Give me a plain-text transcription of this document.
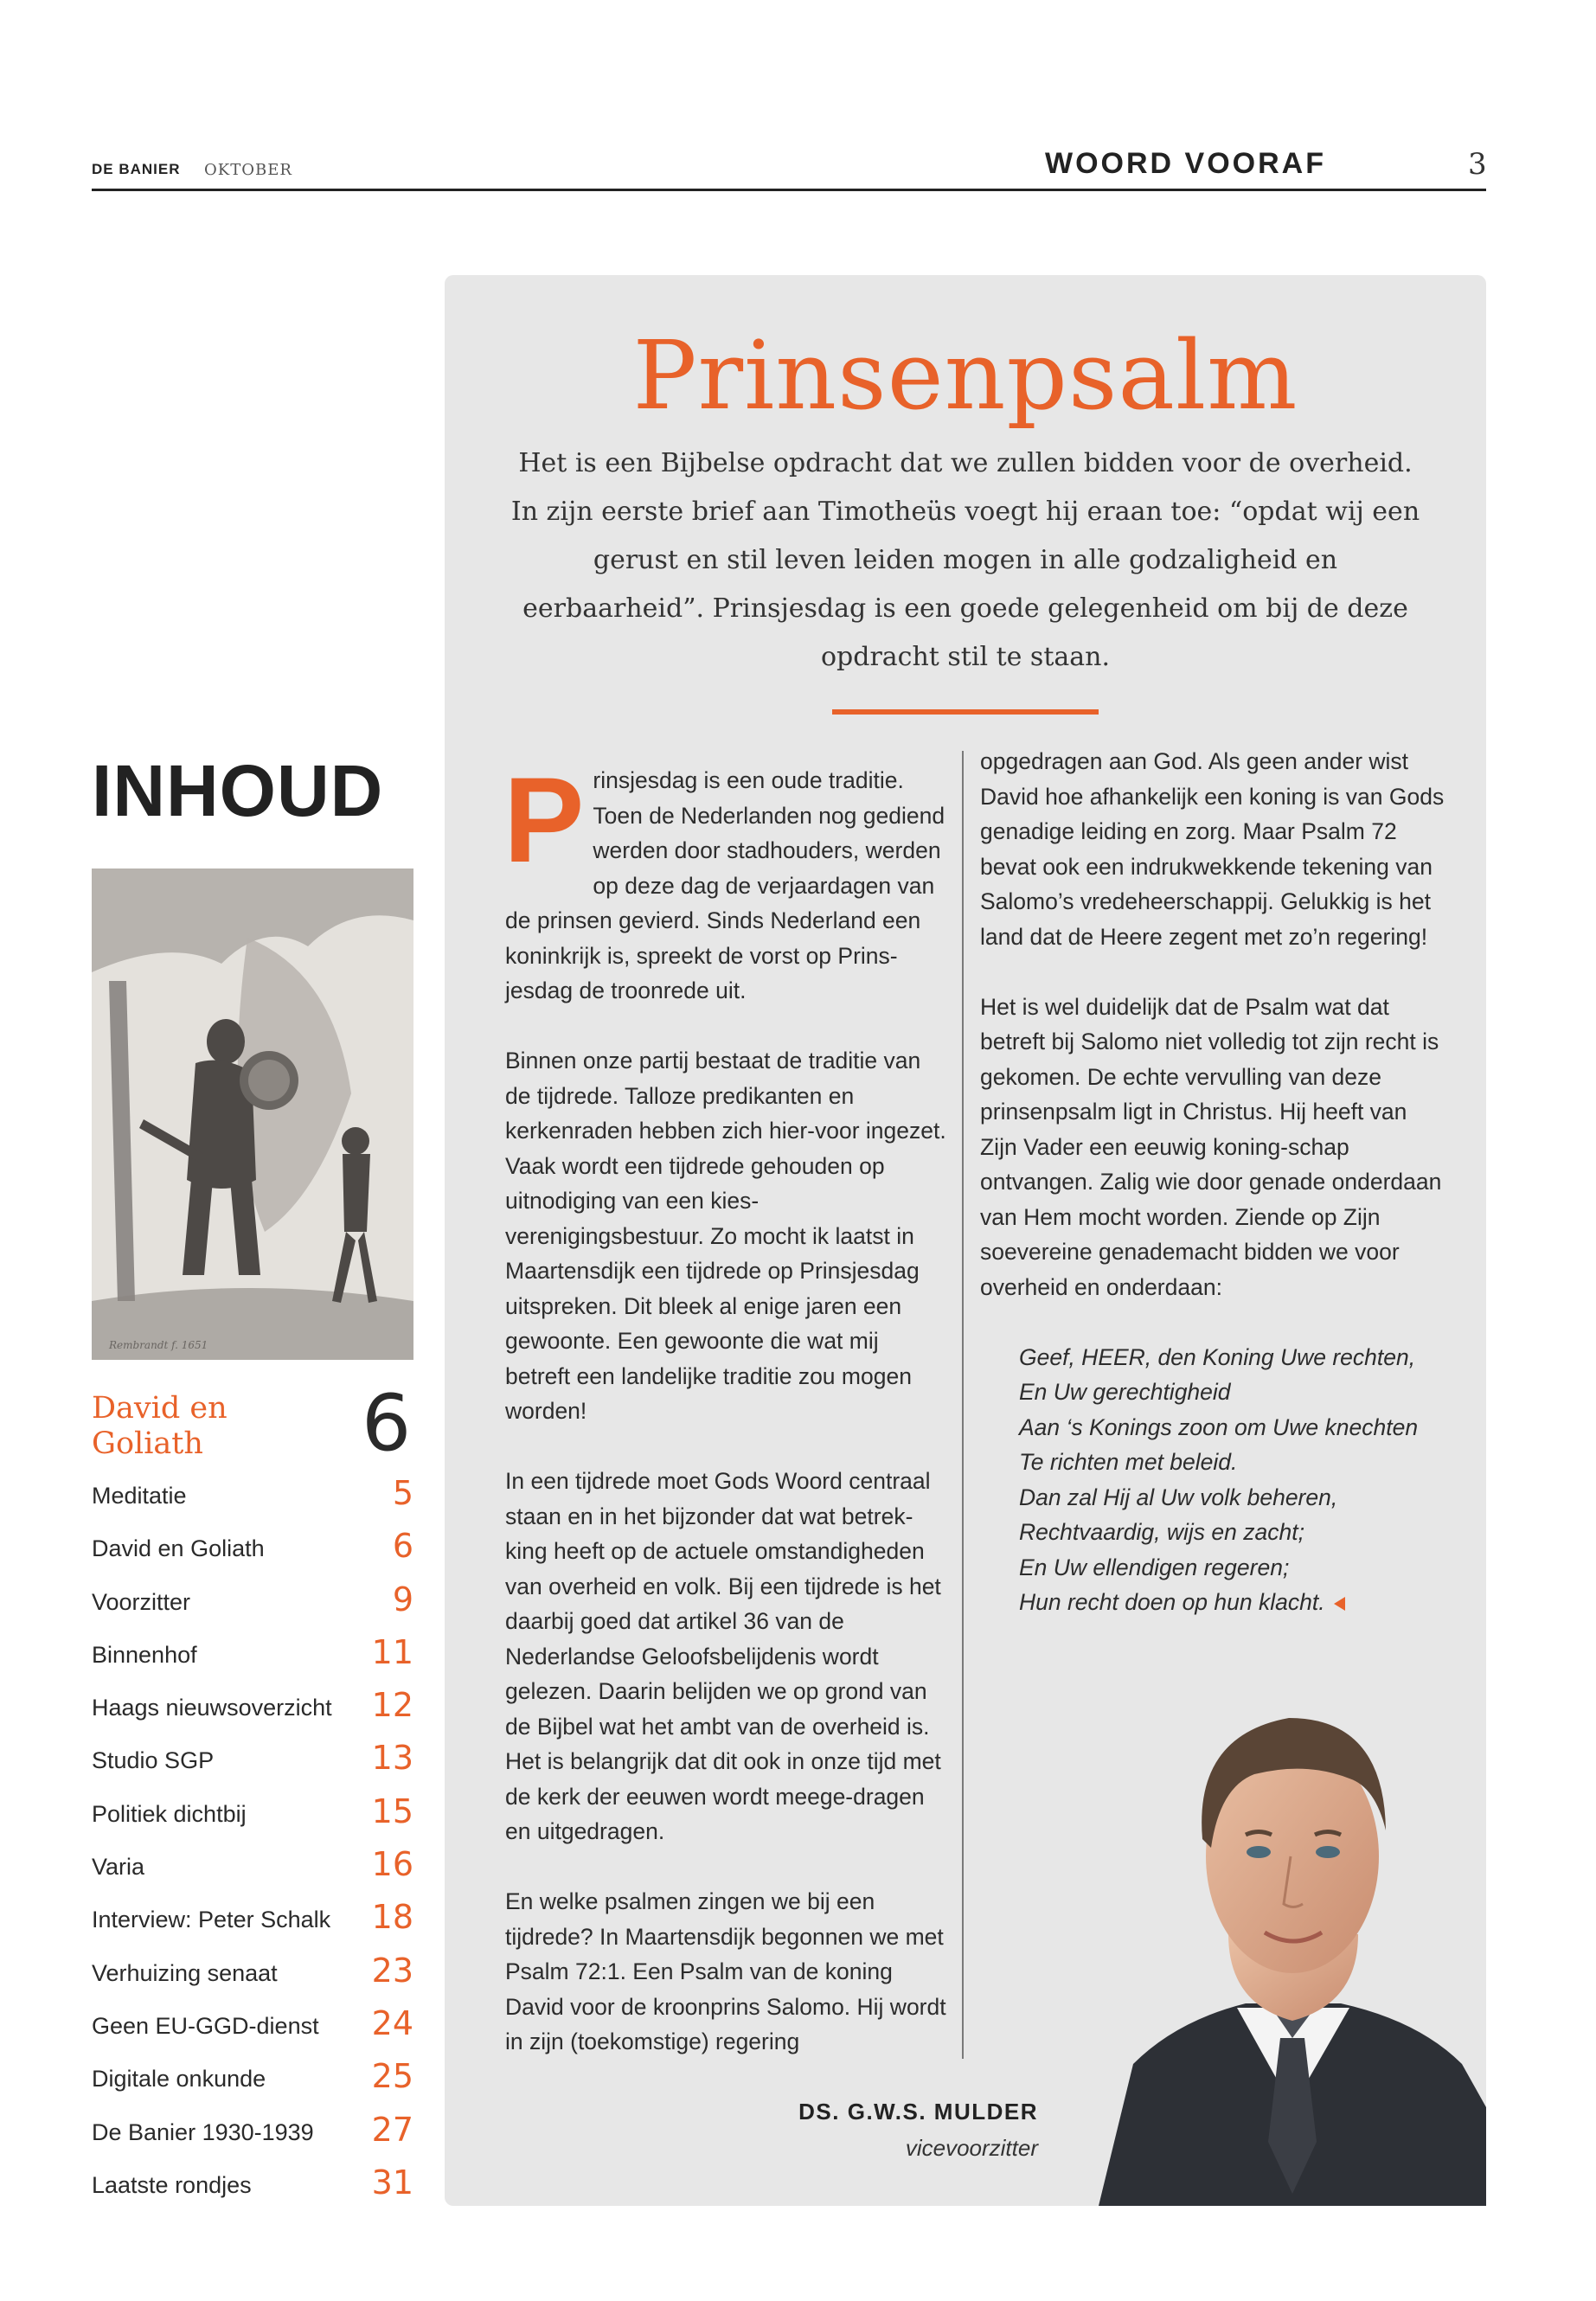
DE BANIER OKTOBER	WOORD VOORAF	3
Prinsenpsalm
Het is een Bijbelse opdracht dat we zullen bidden voor de overheid. In zijn eerste brief aan Timotheüs voegt hij eraan toe: “opdat wij een gerust en stil leven leiden mogen in alle godzaligheid en eerbaarheid”. Prinsjesdag is een goede gelegenheid om bij de deze opdracht stil te staan.

Prinsjesdag is een oude traditie. Toen de Nederlanden nog gediend werden door stadhouders, werden op deze dag de verjaardagen van de prinsen gevierd. Sinds Nederland een koninkrijk is, spreekt de vorst op Prins-jesdag de troonrede uit.

Binnen onze partij bestaat de traditie van de tijdrede. Talloze predikanten en kerkenraden hebben zich hier-voor ingezet. Vaak wordt een tijdrede gehouden op uitnodiging van een kies-verenigingsbestuur. Zo mocht ik laatst in Maartensdijk een tijdrede op Prinsjesdag uitspreken. Dit bleek al enige jaren een gewoonte. Een gewoonte die wat mij betreft een landelijke traditie zou mogen worden!

In een tijdrede moet Gods Woord centraal staan en in het bijzonder dat wat betrek-king heeft op de actuele omstandigheden van overheid en volk. Bij een tijdrede is het daarbij goed dat artikel 36 van de Nederlandse Geloofsbelijdenis wordt gelezen. Daarin belijden we op grond van de Bijbel wat het ambt van de overheid is. Het is belangrijk dat dit ook in onze tijd met de kerk der eeuwen wordt meege-dragen en uitgedragen.

En welke psalmen zingen we bij een tijdrede? In Maartensdijk begonnen we met Psalm 72:1. Een Psalm van de koning David voor de kroonprins Salomo. Hij wordt in zijn (toekomstige) regering

opgedragen aan God. Als geen ander wist David hoe afhankelijk een koning is van Gods genadige leiding en zorg. Maar Psalm 72 bevat ook een indrukwekkende tekening van Salomo’s vredeheerschappij. Gelukkig is het land dat de Heere zegent met zo’n regering!

Het is wel duidelijk dat de Psalm wat dat betreft bij Salomo niet volledig tot zijn recht is gekomen. De echte vervulling van deze prinsenpsalm ligt in Christus. Hij heeft van Zijn Vader een eeuwig koning-schap ontvangen. Zalig wie door genade onderdaan van Hem mocht worden. Ziende op Zijn soevereine genademacht bidden we voor overheid en onderdaan:

Geef, HEER, den Koning Uwe rechten,
En Uw gerechtigheid
Aan ‘s Konings zoon om Uwe knechten
Te richten met beleid.
Dan zal Hij al Uw volk beheren,
Rechtvaardig, wijs en zacht;
En Uw ellendigen regeren;
Hun recht doen op hun klacht.
DS. G.W.S. MULDER
vicevoorzitter
INHOUD
Rembrandt f. 1651
David en Goliath	6
Meditatie	5
David en Goliath	6
Voorzitter	9
Binnenhof	11
Haags nieuwsoverzicht 12
Studio SGP	13
Politiek dichtbij	15
Varia	16
Interview: Peter Schalk 18
Verhuizing senaat	23
Geen EU-GGD-dienst 24
Digitale onkunde	25
De Banier 1930-1939 27
Laatste rondjes	31
